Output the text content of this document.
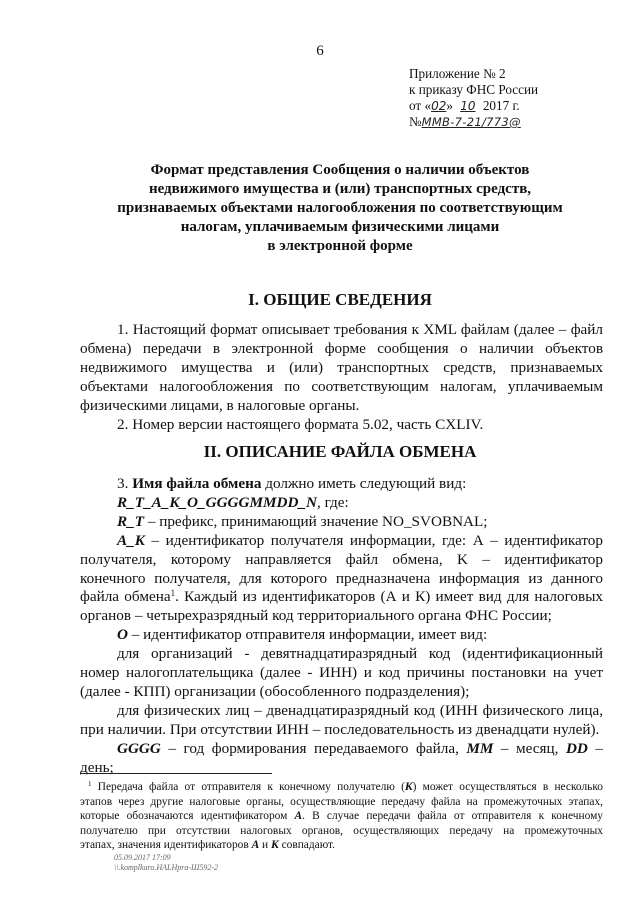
6
Приложение № 2
к приказу ФНС России
от «02» 10 2017 г.
№ММВ-7-21/773@
Формат представления Сообщения о наличии объектов
недвижимого имущества и (или) транспортных средств,
признаваемых объектами налогообложения по соответствующим
налогам, уплачиваемым физическими лицами
в электронной форме
I. ОБЩИЕ СВЕДЕНИЯ
1. Настоящий формат описывает требования к XML файлам (далее – файл
обмена) передачи в электронной форме сообщения о наличии объектов
недвижимого имущества и (или) транспортных средств, признаваемых
объектами налогообложения по соответствующим налогам, уплачиваемым
физическими лицами, в налоговые органы.
2. Номер версии настоящего формата 5.02, часть CXLIV.
II. ОПИСАНИЕ ФАЙЛА ОБМЕНА
3. Имя файла обмена должно иметь следующий вид:
R_T_A_K_O_GGGGMMDD_N, где:
R_T – префикс, принимающий значение NO_SVOBNAL;
A_K – идентификатор получателя информации, где: А – идентификатор
получателя, которому направляется файл обмена, K – идентификатор
конечного получателя, для которого предназначена информация из данного
файла обмена$^1$. Каждый из идентификаторов (А и К) имеет вид для налоговых
органов – четырехразрядный код территориального органа ФНС России;
О – идентификатор отправителя информации, имеет вид:
для организаций - девятнадцатиразрядный код (идентификационный
номер налогоплательщика (далее - ИНН) и код причины постановки на учет
(далее - КПП) организации (обособленного подразделения);
для физических лиц – двенадцатиразрядный код (ИНН физического лица,
при наличии. При отсутствии ИНН – последовательность из двенадцати нулей).
GGGG – год формирования передаваемого файла, MM – месяц, DD –
день;
$^1$ Передача файла от отправителя к конечному получателю (К) может осуществляться в несколько
этапов через другие налоговые органы, осуществляющие передачу файла на промежуточных этапах,
которые обозначаются идентификатором А. В случае передачи файла от отправителя к конечному
получателю при отсутствии налоговых органов, осуществляющих передачу на промежуточных
этапах, значения идентификаторов А и К совпадают.
05.09.2017 17:09
\\.komplkaro.HALHpra-Ш592-2
